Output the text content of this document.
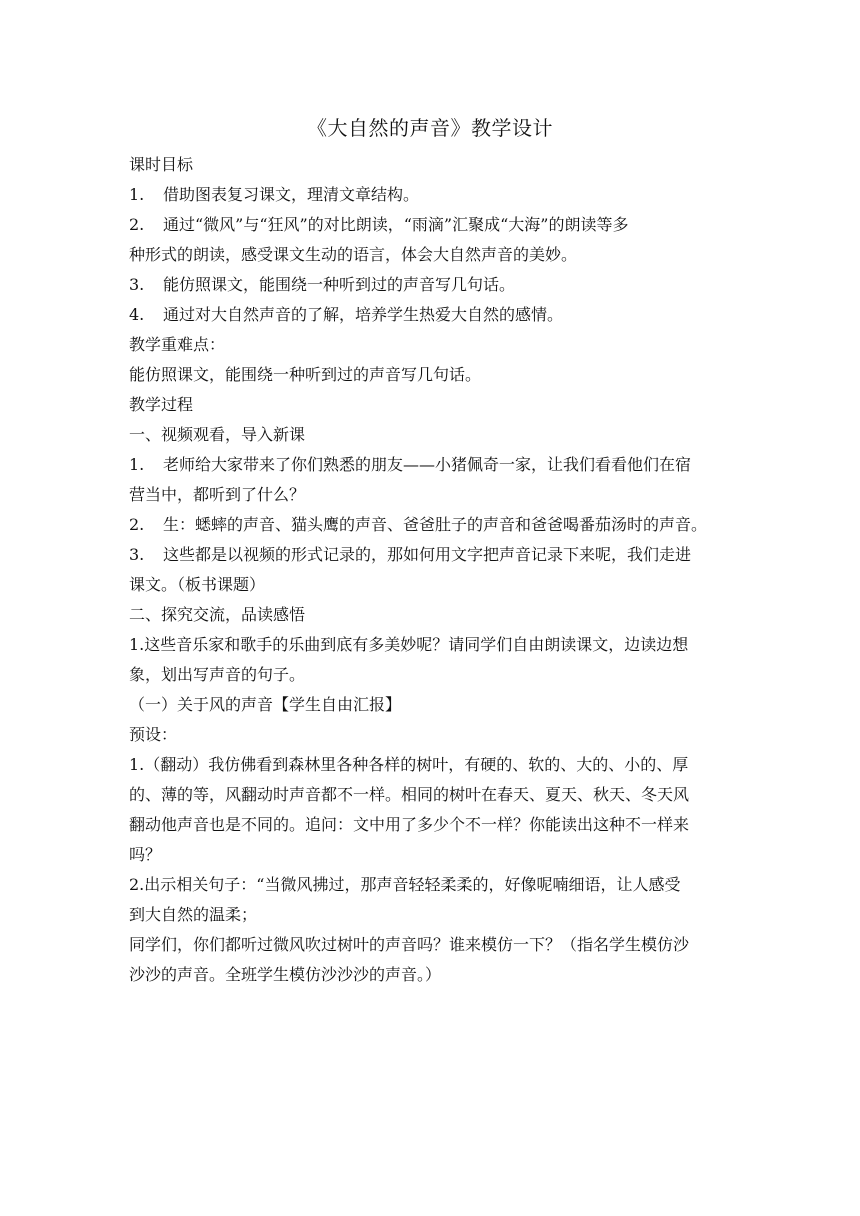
《大自然的声音》教学设计

课时目标

1. 借助图表复习课文，理清文章结构。

2. 通过“微风”与“狂风”的对比朗读，“雨滴”汇聚成“大海”的朗读等多

种形式的朗读，感受课文生动的语言，体会大自然声音的美妙。

3. 能仿照课文，能围绕一种听到过的声音写几句话。

4. 通过对大自然声音的了解，培养学生热爱大自然的感情。

教学重难点：

能仿照课文，能围绕一种听到过的声音写几句话。

教学过程

一、视频观看，导入新课

1. 老师给大家带来了你们熟悉的朋友——小猪佩奇一家，让我们看看他们在宿

营当中，都听到了什么？

2. 生：蟋蟀的声音、猫头鹰的声音、爸爸肚子的声音和爸爸喝番茄汤时的声音。

3. 这些都是以视频的形式记录的，那如何用文字把声音记录下来呢，我们走进

课文。（板书课题）

二、探究交流，品读感悟

1.这些音乐家和歌手的乐曲到底有多美妙呢？请同学们自由朗读课文，边读边想

象，划出写声音的句子。

（一）关于风的声音【学生自由汇报】

预设：

1.（翻动）我仿佛看到森林里各种各样的树叶，有硬的、软的、大的、小的、厚

的、薄的等，风翻动时声音都不一样。相同的树叶在春天、夏天、秋天、冬天风

翻动他声音也是不同的。追问：文中用了多少个不一样？你能读出这种不一样来

吗？

2.出示相关句子：“当微风拂过，那声音轻轻柔柔的，好像呢喃细语，让人感受

到大自然的温柔；

同学们，你们都听过微风吹过树叶的声音吗？谁来模仿一下？（指名学生模仿沙

沙沙的声音。全班学生模仿沙沙沙的声音。）
